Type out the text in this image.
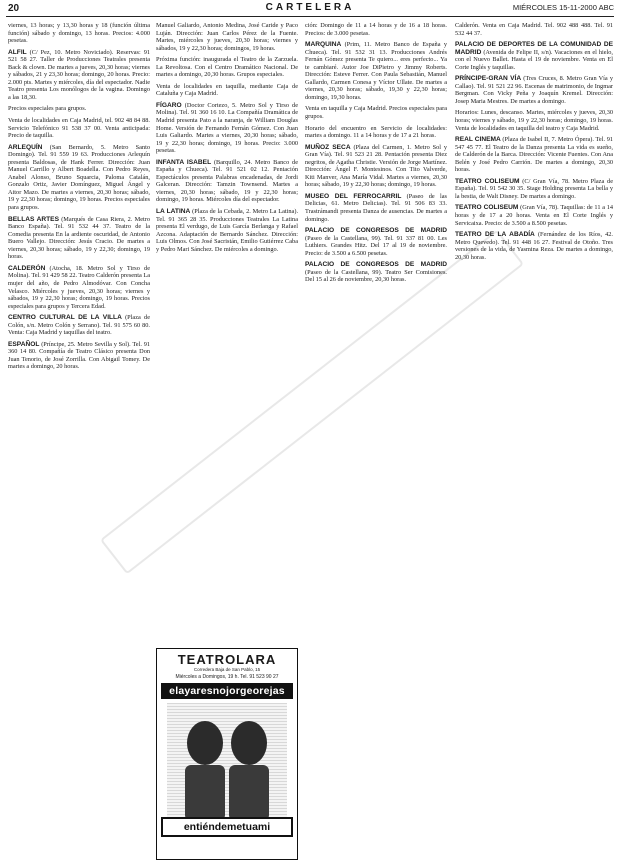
20	CARTELERA	MIÉRCOLES 15-11-2000 ABC

viernes, 13 horas; y 13,30 horas y 18 (función última función) sábado y domingo, 13 horas. Precios: 4.000 pesetas.

ALFIL (C/ Pez, 10. Metro Noviciado). Reservas: 91 521 58 27. Taller de Producciones Teatrales presenta Back & clown. De martes a jueves, 20,30 horas; viernes y sábados, 21 y 23,30 horas; domingo, 20 horas. Precio: 2.000 pts. Martes y miércoles, día del espectador. Nadie Teatro presenta Los monólogos de la vagina. Domingo a las 18,30.

Precios especiales para grupos.

Venta de localidades en Caja Madrid, tel. 902 48 84 88. Servicio Telefónico 91 538 37 00. Venta anticipada: Precio de taquilla.

ARLEQUÍN (San Bernardo, 5. Metro Santo Domingo). Tel. 91 559 19 63. Producciones Arlequín presenta Baldosas, de Hank Ferrer. Dirección: Juan Manuel Carrillo y Albert Boadella. Con Pedro Reyes, Anabel Alonso, Bruno Squarcia, Paloma Catalán, Gonzalo Ortiz, Javier Domínguez, Miguel Ángel y Aitor Mazo. De martes a viernes, 20,30 horas; sábado, 19 y 22,30 horas; domingo, 19 horas. Precios especiales para grupos.

BELLAS ARTES (Marqués de Casa Riera, 2. Metro Banco España). Tel. 91 532 44 37. Teatro de la Comedia presenta En la ardiente oscuridad, de Antonio Buero Vallejo. Dirección: Jesús Cracio. De martes a viernes, 20,30 horas; sábado, 19 y 22,30; domingo, 19 horas.

CALDERÓN (Atocha, 18. Metro Sol y Tirso de Molina). Tel. 91 429 58 22. Teatro Calderón presenta La mujer del año, de Pedro Almodóvar. Con Concha Velasco. Miércoles y jueves, 20,30 horas; viernes y sábados, 19 y 22,30 horas; domingo, 19 horas. Precios especiales para grupos y Tercera Edad.

CENTRO CULTURAL DE LA VILLA (Plaza de Colón, s/n. Metro Colón y Serrano). Tel. 91 575 60 80. Venta: Caja Madrid y taquillas del teatro.

ESPAÑOL (Príncipe, 25. Metro Sevilla y Sol). Tel. 91 360 14 80. Compañía de Teatro Clásico presenta Don Juan Tenorio, de José Zorrilla. Con Abigail Tomey. De martes a domingo, 20 horas.

Manuel Galiardo, Antonio Medina, José Caride y Paco Luján. Dirección: Juan Carlos Pérez de la Fuente. Martes, miércoles y jueves, 20,30 horas; viernes y sábados, 19 y 22,30 horas; domingos, 19 horas.

Próxima función: inaugurada el Teatro de la Zarzuela. La Revoltosa. Con el Centro Dramático Nacional. De martes a domingo, 20,30 horas. Grupos especiales.

Venta de localidades en taquilla, mediante Caja de Cataluña y Caja Madrid.

FÍGARO (Doctor Cortezo, 5. Metro Sol y Tirso de Molina). Tel. 91 360 16 10. La Compañía Dramática de Madrid presenta Pato a la naranja, de William Douglas Home. Versión de Fernando Fernán Gómez. Con Juan Luis Galiardo. Martes a viernes, 20,30 horas; sábado, 19 y 22,30 horas; domingo, 19 horas. Precio: 3.000 pesetas.

INFANTA ISABEL (Barquillo, 24. Metro Banco de España y Chueca). Tel. 91 521 02 12. Pentación Espectáculos presenta Palabras encadenadas, de Jordi Galceran. Dirección: Tamzin Townsend. Martes a viernes, 20,30 horas; sábado, 19 y 22,30 horas; domingo, 19 horas. Miércoles día del espectador.

LA LATINA (Plaza de la Cebada, 2. Metro La Latina). Tel. 91 365 28 35. Producciones Teatrales La Latina presenta El verdugo, de Luis García Berlanga y Rafael Azcona. Adaptación de Bernardo Sánchez. Dirección: Luis Olmos. Con José Sacristán, Emilio Gutiérrez Caba y Pedro Mari Sánchez. De miércoles a domingo.

ción: Domingo de 11 a 14 horas y de 16 a 18 horas. Precios: de 3.000 pesetas.

MARQUINA (Prim, 11. Metro Banco de España y Chueca). Tel. 91 532 31 13. Producciones Andrés Fernán Gómez presenta Te quiero... eres perfecto... Ya te cambiaré. Autor Joe DiPietro y Jimmy Roberts. Dirección: Esteve Ferrer. Con Paula Sebastián, Manuel Gallardo, Carmen Conesa y Víctor Ullate. De martes a viernes, 20,30 horas; sábado, 19,30 y 22,30 horas; domingo, 19,30 horas.

Venta en taquilla y Caja Madrid. Precios especiales para grupos.

Horario del encuentro en Servicio de localidades: martes a domingo. 11 a 14 horas y de 17 a 21 horas.

MUÑOZ SECA (Plaza del Carmen, 1. Metro Sol y Gran Vía). Tel. 91 523 21 28. Pentación presenta Diez negritos, de Agatha Christie. Versión de Jorge Martínez. Dirección: Ángel F. Montesinos. Con Tito Valverde, Kiti Manver, Ana María Vidal. Martes a viernes, 20,30 horas; sábado, 19 y 22,30 horas; domingo, 19 horas.

MUSEO DEL FERROCARRIL (Paseo de las Delicias, 61. Metro Delicias). Tel. 91 506 83 33. Trastrámandi presenta Danza de ausencias. De martes a domingo.

PALACIO DE CONGRESOS DE MADRID (Paseo de la Castellana, 99). Tel. 91 337 81 00. Les Luthiers. Grandes Hitz. Del 17 al 19 de noviembre. Precio: de 3.500 a 6.500 pesetas.

PALACIO DE CONGRESOS DE MADRID (Paseo de la Castellana, 99). Teatro Ser Comisiones. Del 15 al 26 de noviembre, 20,30 horas.

Calderón. Venta en Caja Madrid. Tel. 902 488 488. Tel. 91 532 44 37.

PALACIO DE DEPORTES DE LA COMUNIDAD DE MADRID (Avenida de Felipe II, s/n). Vacaciones en el hielo, con el Nuevo Ballet. Hasta el 19 de noviembre. Venta en El Corte Inglés y taquillas.

PRÍNCIPE-GRAN VÍA (Tres Cruces, 8. Metro Gran Vía y Callao). Tel. 91 521 22 96. Escenas de matrimonio, de Ingmar Bergman. Con Vicky Peña y Joaquín Kremel. Dirección: Josep Maria Mestres. De martes a domingo.

Horarios: Lunes, descanso. Martes, miércoles y jueves, 20,30 horas; viernes y sábado, 19 y 22,30 horas; domingo, 19 horas. Venta de localidades en taquilla del teatro y Caja Madrid.

REAL CINEMA (Plaza de Isabel II, 7. Metro Ópera). Tel. 91 547 45 77. El Teatro de la Danza presenta La vida es sueño, de Calderón de la Barca. Dirección: Vicente Fuentes. Con Ana Belén y José Pedro Carrión. De martes a domingo, 20,30 horas.

TEATRO COLISEUM (C/ Gran Vía, 78. Metro Plaza de España). Tel. 91 542 30 35. Stage Holding presenta La bella y la bestia, de Walt Disney. De martes a domingo.

TEATRO COLISEUM (Gran Vía, 78). Taquillas: de 11 a 14 horas y de 17 a 20 horas. Venta en El Corte Inglés y Servicaixa. Precio: de 3.500 a 8.500 pesetas.

TEATRO DE LA ABADÍA (Fernández de los Ríos, 42. Metro Quevedo). Tel. 91 448 16 27. Festival de Otoño. Tres versiones de la vida, de Yasmina Reza. De martes a domingo, 20,30 horas.

TEATROLARA
Corredera Baja de San Pablo, 15
Miércoles a Domingos, 19 h. Tel. 91 523 90 27
elayaresnojorgeorejas
entiéndemetuami
